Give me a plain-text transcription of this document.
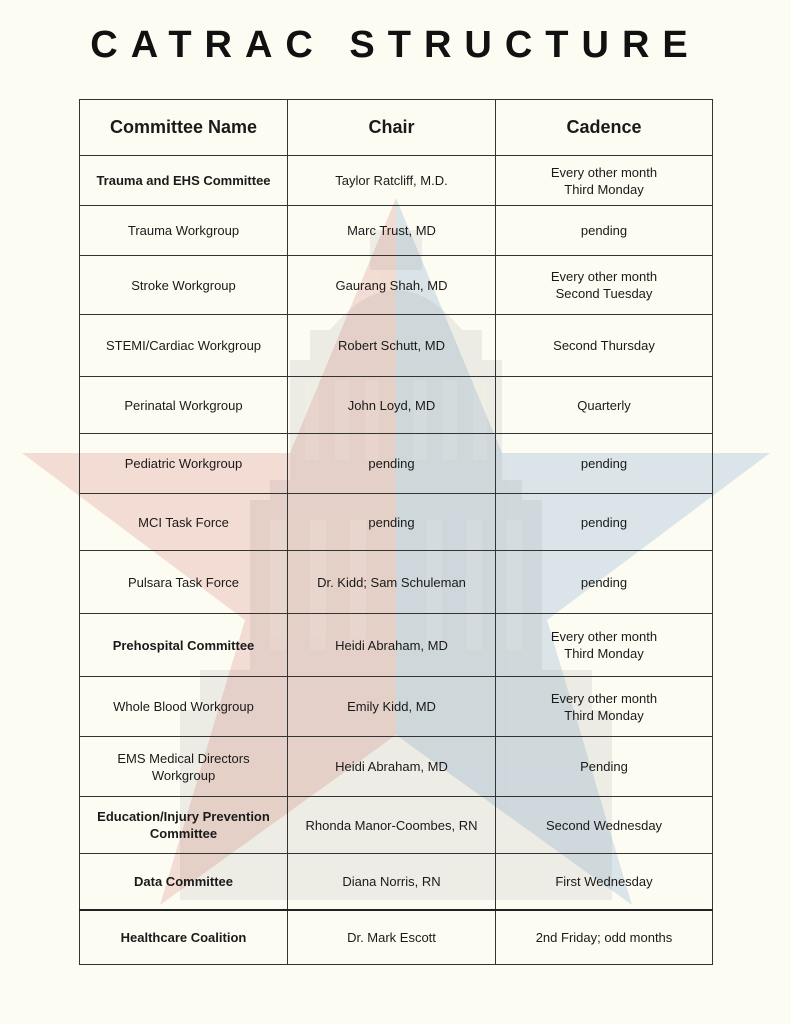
CATRAC STRUCTURE
Committee Name	Chair	Cadence
Trauma and EHS Committee	Taylor Ratcliff, M.D.	Every other month
Third Monday

Trauma Workgroup	Marc Trust, MD	pending
Stroke Workgroup	Gaurang Shah, MD	Every other month
Second Tuesday

STEMI/Cardiac Workgroup	Robert Schutt, MD	Second Thursday
Perinatal Workgroup	John Loyd, MD	Quarterly
Pediatric Workgroup	pending	pending
MCI Task Force	pending	pending
Pulsara Task Force	Dr. Kidd; Sam Schuleman	pending
Prehospital Committee	Heidi Abraham, MD	Every other month
Third Monday

Whole Blood Workgroup	Emily Kidd, MD	Every other month
Third Monday

EMS Medical Directors Workgroup	Heidi Abraham, MD	Pending

Education/Injury Prevention
Committee	Rhonda Manor-Coombes, RN	Second Wednesday
Data Committee	Diana Norris, RN	First Wednesday
Healthcare Coalition	Dr. Mark Escott	2nd Friday; odd months
